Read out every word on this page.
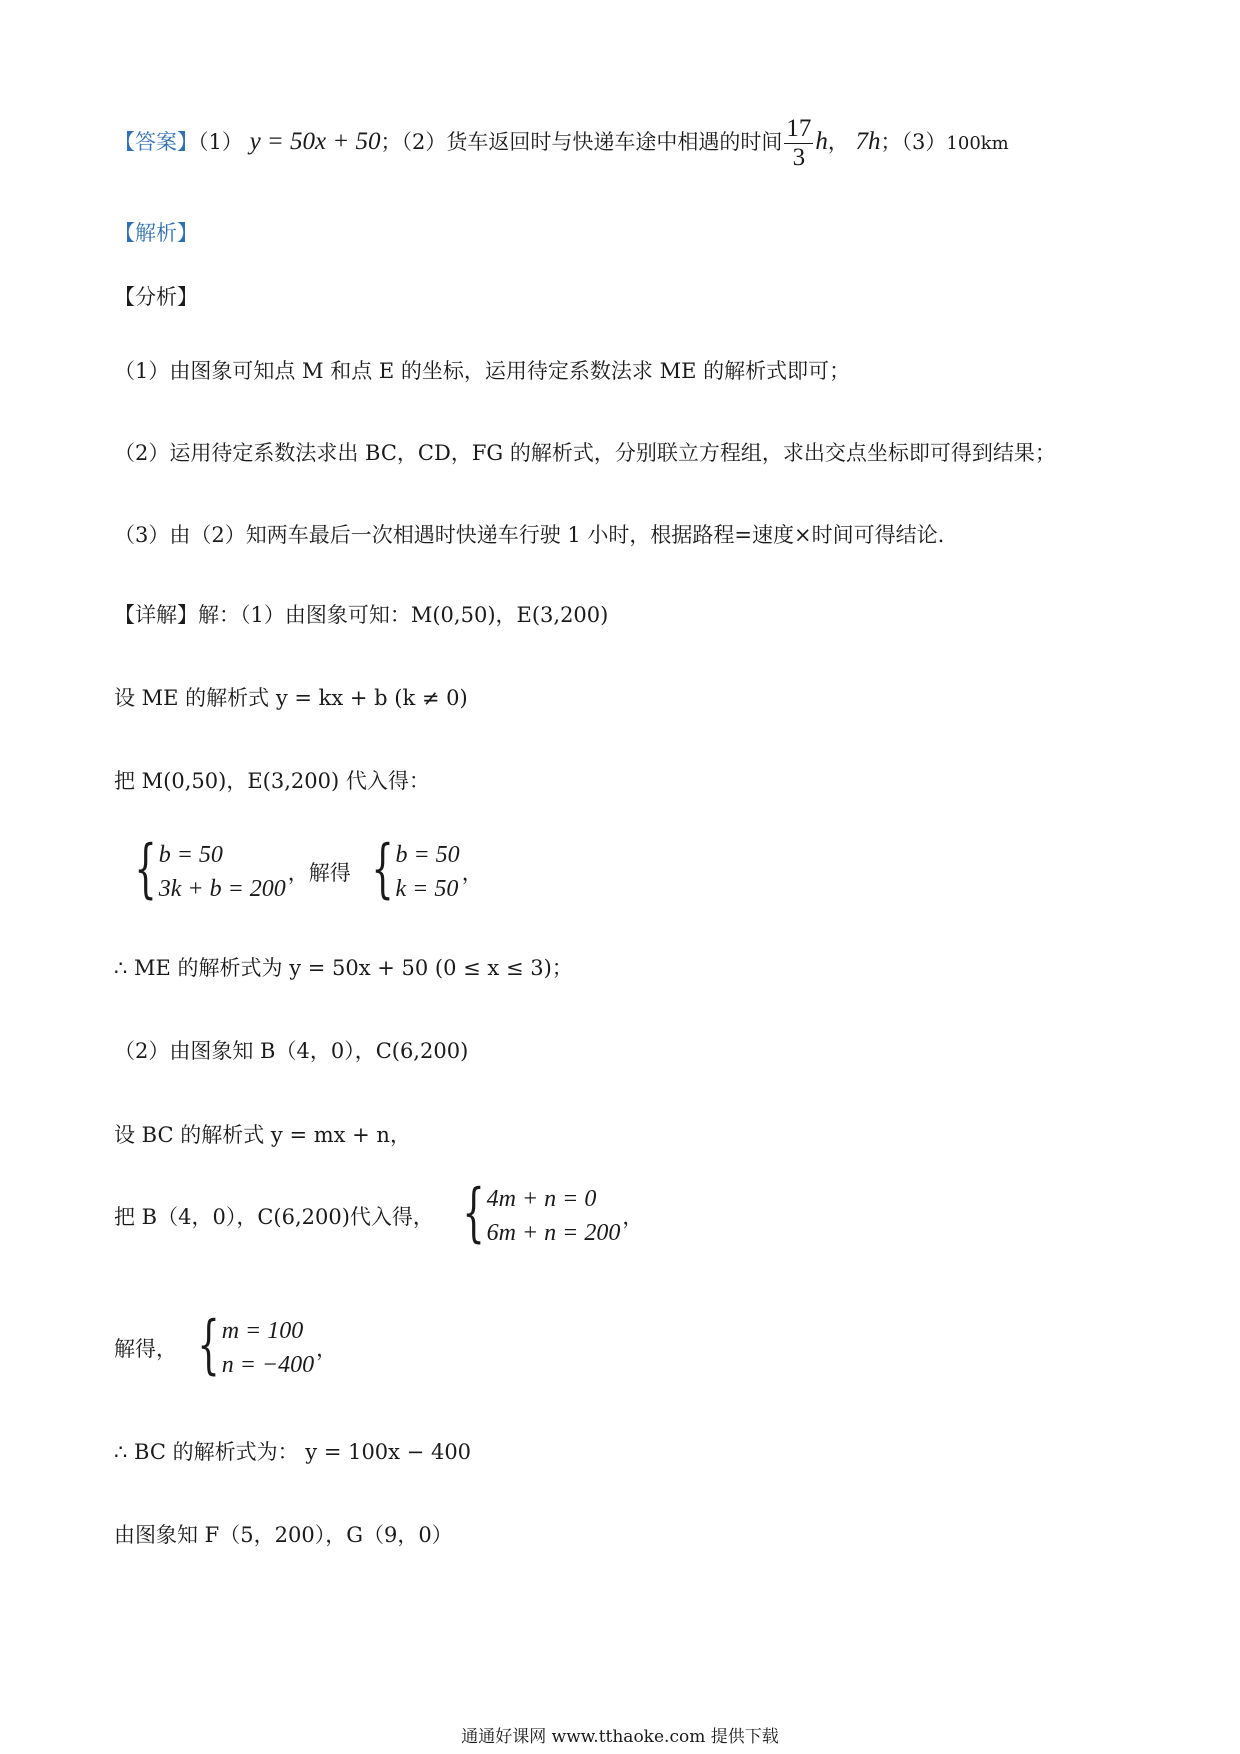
【答案】（1） y = 50x + 50；（2）货车返回时与快递车途中相遇的时间 $\frac{17}{3}$ h， 7h；（3）100km
【解析】
【分析】
（1）由图象可知点 M 和点 E 的坐标，运用待定系数法求 ME 的解析式即可；
（2）运用待定系数法求出 BC，CD，FG 的解析式，分别联立方程组，求出交点坐标即可得到结果；
（3）由（2）知两车最后一次相遇时快递车行驶 1 小时，根据路程=速度×时间可得结论.
【详解】解：（1）由图象可知：M(0,50)，E(3,200)
设 ME 的解析式 y = kx + b (k ≠ 0)
把 M(0,50)，E(3,200) 代入得：
{ b = 50
3k + b = 200
，解得 { b = 50
k = 50
，
∴ ME 的解析式为 y = 50x + 50 (0 ≤ x ≤ 3)；
（2）由图象知 B（4，0），C(6,200)
设 BC 的解析式 y = mx + n，
把 B（4，0），C(6,200)代入得， { 4m + n = 0
6m + n = 200
，
解得， { m = 100
n = −400
，
∴ BC 的解析式为： y = 100x − 400
由图象知 F（5，200），G（9，0）
通通好课网 www.tthaoke.com 提供下载
